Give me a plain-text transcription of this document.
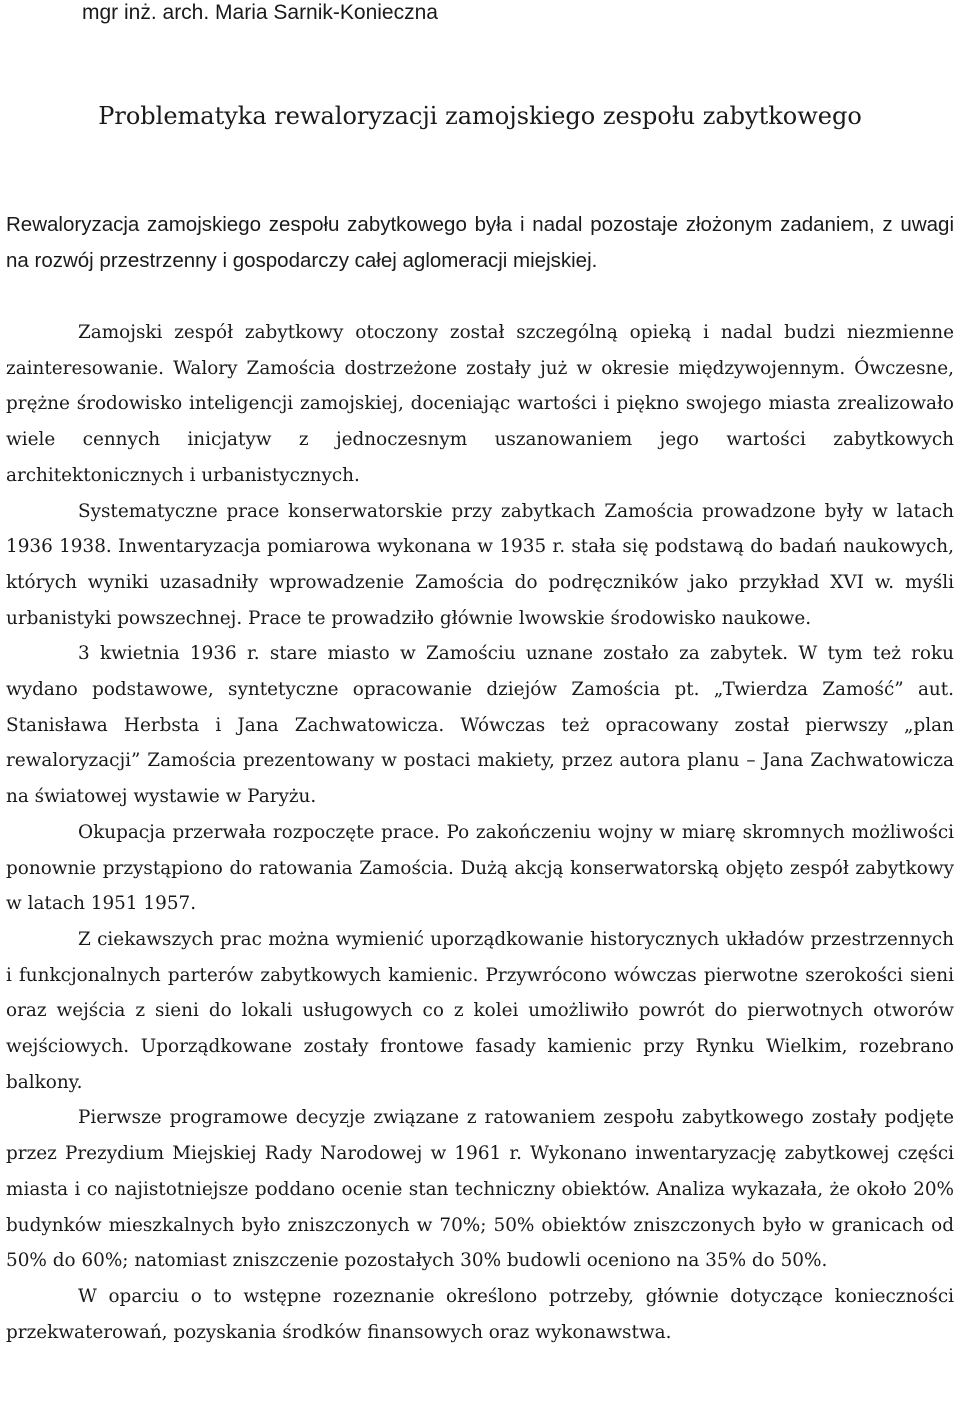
mgr inż. arch. Maria Sarnik-Konieczna
Problematyka rewaloryzacji zamojskiego zespołu zabytkowego

Rewaloryzacja zamojskiego zespołu zabytkowego była i nadal pozostaje złożonym zadaniem, z uwagi na rozwój przestrzenny i gospodarczy całej aglomeracji miejskiej.

Zamojski zespół zabytkowy otoczony został szczególną opieką i nadal budzi niezmienne zainteresowanie. Walory Zamościa dostrzeżone zostały już w okresie międzywojennym. Ówczesne, prężne środowisko inteligencji zamojskiej, doceniając wartości i piękno swojego miasta zrealizowało wiele cennych inicjatyw z jednoczesnym uszanowaniem jego wartości zabytkowych architektonicznych i urbanistycznych.

Systematyczne prace konserwatorskie przy zabytkach Zamościa prowadzone były w latach 1936 1938. Inwentaryzacja pomiarowa wykonana w 1935 r. stała się podstawą do badań naukowych, których wyniki uzasadniły wprowadzenie Zamościa do podręczników jako przykład XVI w. myśli urbanistyki powszechnej. Prace te prowadziło głównie lwowskie środowisko naukowe.

3 kwietnia 1936 r. stare miasto w Zamościu uznane zostało za zabytek. W tym też roku wydano podstawowe, syntetyczne opracowanie dziejów Zamościa pt. „Twierdza Zamość” aut. Stanisława Herbsta i Jana Zachwatowicza. Wówczas też opracowany został pierwszy „plan rewaloryzacji” Zamościa prezentowany w postaci makiety, przez autora planu – Jana Zachwatowicza na światowej wystawie w Paryżu.

Okupacja przerwała rozpoczęte prace. Po zakończeniu wojny w miarę skromnych możliwości ponownie przystąpiono do ratowania Zamościa. Dużą akcją konserwatorską objęto zespół zabytkowy w latach 1951 1957.

Z ciekawszych prac można wymienić uporządkowanie historycznych układów przestrzennych i funkcjonalnych parterów zabytkowych kamienic. Przywrócono wówczas pierwotne szerokości sieni oraz wejścia z sieni do lokali usługowych co z kolei umożliwiło powrót do pierwotnych otworów wejściowych. Uporządkowane zostały frontowe fasady kamienic przy Rynku Wielkim, rozebrano balkony.

Pierwsze programowe decyzje związane z ratowaniem zespołu zabytkowego zostały podjęte przez Prezydium Miejskiej Rady Narodowej w 1961 r. Wykonano inwentaryzację zabytkowej części miasta i co najistotniejsze poddano ocenie stan techniczny obiektów. Analiza wykazała, że około 20% budynków mieszkalnych było zniszczonych w 70%; 50% obiektów zniszczonych było w granicach od 50% do 60%; natomiast zniszczenie pozostałych 30% budowli oceniono na 35% do 50%.

W oparciu o to wstępne rozeznanie określono potrzeby, głównie dotyczące konieczności przekwaterowań, pozyskania środków finansowych oraz wykonawstwa.
